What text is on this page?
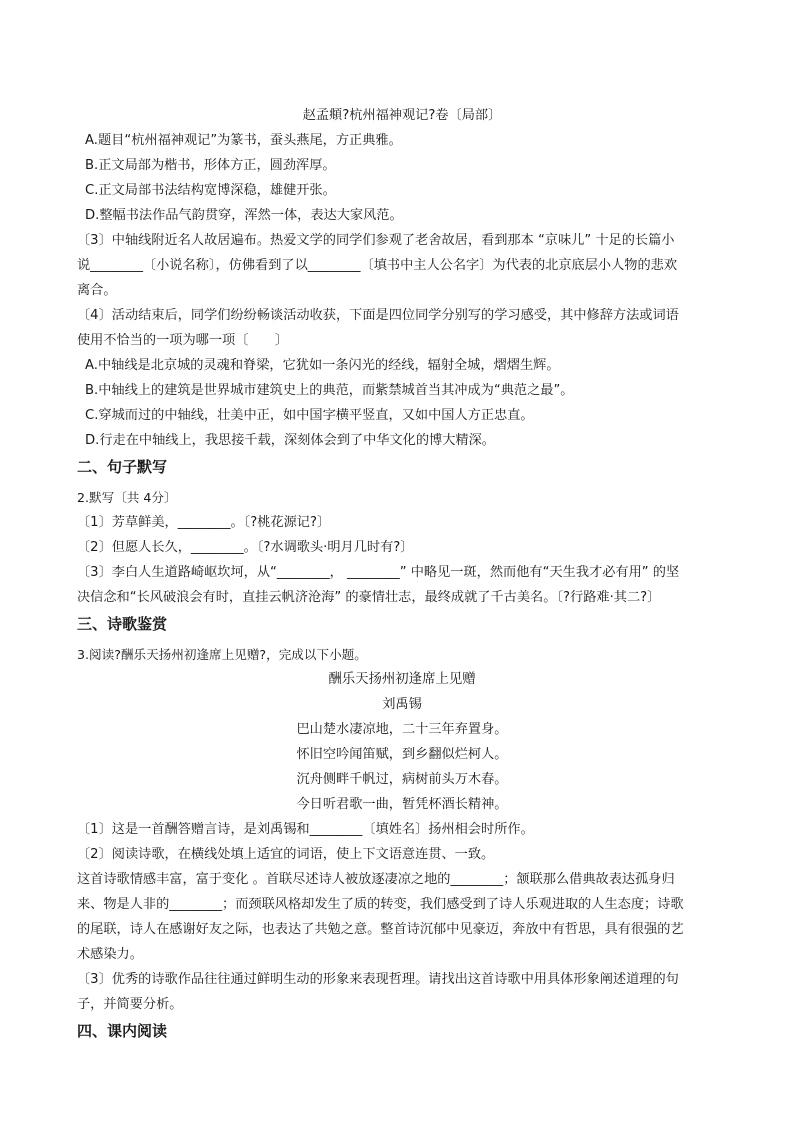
赵孟頫?杭州福神观记?卷〔局部〕

A.题目“杭州福神观记”为篆书，蚕头燕尾，方正典雅。

B.正文局部为楷书，形体方正，圆劲浑厚。

C.正文局部书法结构宽博深稳，雄健开张。

D.整幅书法作品气韵贯穿，浑然一体，表达大家风范。

〔3〕中轴线附近名人故居遍布。热爱文学的同学们参观了老舍故居，看到那本 “京味儿” 十足的长篇小

说________〔小说名称〕，仿佛看到了以________〔填书中主人公名字〕为代表的北京底层小人物的悲欢

离合。

〔4〕活动结束后，同学们纷纷畅谈活动收获，下面是四位同学分别写的学习感受，其中修辞方法或词语

使用不恰当的一项为哪一项〔　　〕

A.中轴线是北京城的灵魂和脊梁，它犹如一条闪光的经线，辐射全城，熠熠生辉。

B.中轴线上的建筑是世界城市建筑史上的典范，而紫禁城首当其冲成为“典范之最”。

C.穿城而过的中轴线，壮美中正，如中国字横平竖直，又如中国人方正忠直。

D.行走在中轴线上，我思接千载，深刻体会到了中华文化的博大精深。

二、句子默写

2.默写〔共 4分〕

〔1〕芳草鲜美，________。〔?桃花源记?〕

〔2〕但愿人长久，________。〔?水调歌头·明月几时有?〕

〔3〕李白人生道路崎岖坎坷，从“________， ________” 中略见一斑，然而他有“天生我才必有用” 的坚

决信念和“长风破浪会有时，直挂云帆济沧海” 的豪情壮志，最终成就了千古美名。〔?行路难·其二?〕

三、诗歌鉴赏

3.阅读?酬乐天扬州初逢席上见赠?，完成以下小题。

酬乐天扬州初逢席上见赠

刘禹锡

巴山楚水凄凉地，二十三年弃置身。

怀旧空吟闻笛赋，到乡翻似烂柯人。

沉舟侧畔千帆过，病树前头万木春。

今日听君歌一曲，暂凭杯酒长精神。

〔1〕这是一首酬答赠言诗，是刘禹锡和________〔填姓名〕扬州相会时所作。

〔2〕阅读诗歌，在横线处填上适宜的词语，使上下文语意连贯、一致。

这首诗歌情感丰富，富于变化 。首联尽述诗人被放逐凄凉之地的________；颔联那么借典故表达孤身归

来、物是人非的________；而颈联风格却发生了质的转变，我们感受到了诗人乐观进取的人生态度；诗歌

的尾联，诗人在感谢好友之际，也表达了共勉之意。整首诗沉郁中见豪迈，奔放中有哲思，具有很强的艺

术感染力。

〔3〕优秀的诗歌作品往往通过鲜明生动的形象来表现哲理。请找出这首诗歌中用具体形象阐述道理的句

子，并简要分析。

四、课内阅读
